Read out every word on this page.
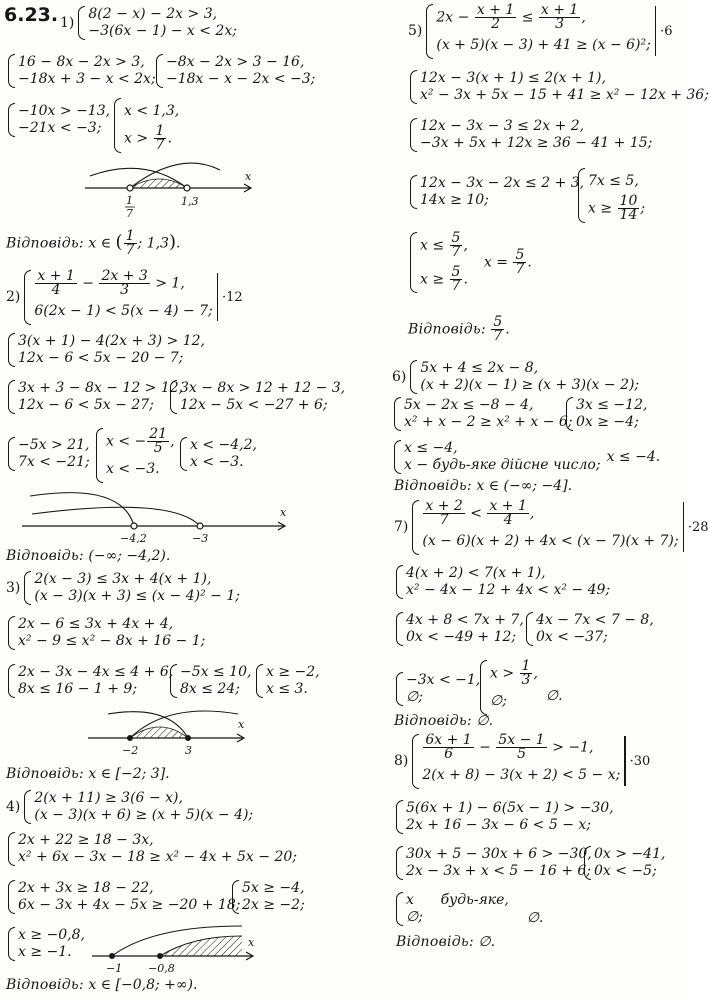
6.23. 1)
8(2 − x) − 2x > 3,
−3(6x − 1) − x < 2x;
16 − 8x − 2x > 3,
−18x + 3 − x < 2x;
−8x − 2x > 3 − 16,
−18x − x − 2x < −3;
−10x > −13,
−21x < −3;
x < 1,3,
$x > \frac{1}{7}$ .
x
1
7
1,3
Відповідь: x ∈ ( $\frac{1}{7}$ ; 1,3).
2)
$\frac{x + 1}{4} - \frac{2x + 3}{3} > 1$,
6(2x − 1) < 5(x − 4) − 7;
·12
3(x + 1) − 4(2x + 3) > 12,
12x − 6 < 5x − 20 − 7;
3x + 3 − 8x − 12 > 12,
12x − 6 < 5x − 27;
3x − 8x > 12 + 12 − 3,
12x − 5x < −27 + 6;
−5x > 21,
7x < −21;
x < − $\frac{21}{5}$ ,
x < −3.
x < −4,2,
x < −3.
x
−4,2	−3
Відповідь: (−∞; −4,2).
3)
2(x − 3) ≤ 3x + 4(x + 1),
(x − 3)(x + 3) ≤ (x − 4)² − 1;
2x − 6 ≤ 3x + 4x + 4,
x² − 9 ≤ x² − 8x + 16 − 1;
2x − 3x − 4x ≤ 4 + 6,
8x ≤ 16 − 1 + 9;
−5x ≤ 10,
8x ≤ 24;
x ≥ −2,
x ≤ 3.
x
−2	3
Відповідь: x ∈ [−2; 3].
4)
2(x + 11) ≥ 3(6 − x),
(x − 3)(x + 6) ≥ (x + 5)(x − 4);
2x + 22 ≥ 18 − 3x,
x² + 6x − 3x − 18 ≥ x² − 4x + 5x − 20;
2x + 3x ≥ 18 − 22,
6x − 3x + 4x − 5x ≥ −20 + 18;
5x ≥ −4,
2x ≥ −2;
x ≥ −0,8,
x ≥ −1.
x
−1 −0,8
Відповідь: x ∈ [−0,8; +∞).
5)
$2x - \frac{x + 1}{2} \le \frac{x + 1}{3}$ ,
(x + 5)(x − 3) + 41 ≥ (x − 6)²;
·6
12x − 3(x + 1) ≤ 2(x + 1),
x² − 3x + 5x − 15 + 41 ≥ x² − 12x + 36;
12x − 3x − 3 ≤ 2x + 2,
−3x + 5x + 12x ≥ 36 − 41 + 15;
12x − 3x − 2x ≤ 2 + 3,
14x ≥ 10;
7x ≤ 5,
$x \ge \frac{10}{14}$ ;
$x \le \frac{5}{7}$ ,
$x \ge \frac{5}{7}$ .
$x = \frac{5}{7}$ .
Відповідь: $\frac{5}{7}$ .
6)
5x + 4 ≤ 2x − 8,
(x + 2)(x − 1) ≥ (x + 3)(x − 2);
5x − 2x ≤ −8 − 4,
x² + x − 2 ≥ x² + x − 6;
3x ≤ −12,
0x ≥ −4;
x ≤ −4,
x − будь-яке дійсне число; x ≤ −4.
Відповідь: x ∈ (−∞; −4].
7)
$\frac{x + 2}{7} < \frac{x + 1}{4}$ ,
(x − 6)(x + 2) + 4x < (x − 7)(x + 7);
·28
4(x + 2) < 7(x + 1),
x² − 4x − 12 + 4x < x² − 49;
4x + 8 < 7x + 7,
0x < −49 + 12;
4x − 7x < 7 − 8,
0x < −37;
−3x < −1,
∅;
$x > \frac{1}{3}$ ,
∅;	∅.
Відповідь: ∅.
8)
$\frac{6x + 1}{6} - \frac{5x - 1}{5} > -1$,
2(x + 8) − 3(x + 2) < 5 − x;
·30
5(6x + 1) − 6(5x − 1) > −30,
2x + 16 − 3x − 6 < 5 − x;
30x + 5 − 30x + 6 > −30,
2x − 3x + x < 5 − 16 + 6;
0x > −41,
0x < −5;
x      будь-яке,
∅;	∅.
Відповідь: ∅.
